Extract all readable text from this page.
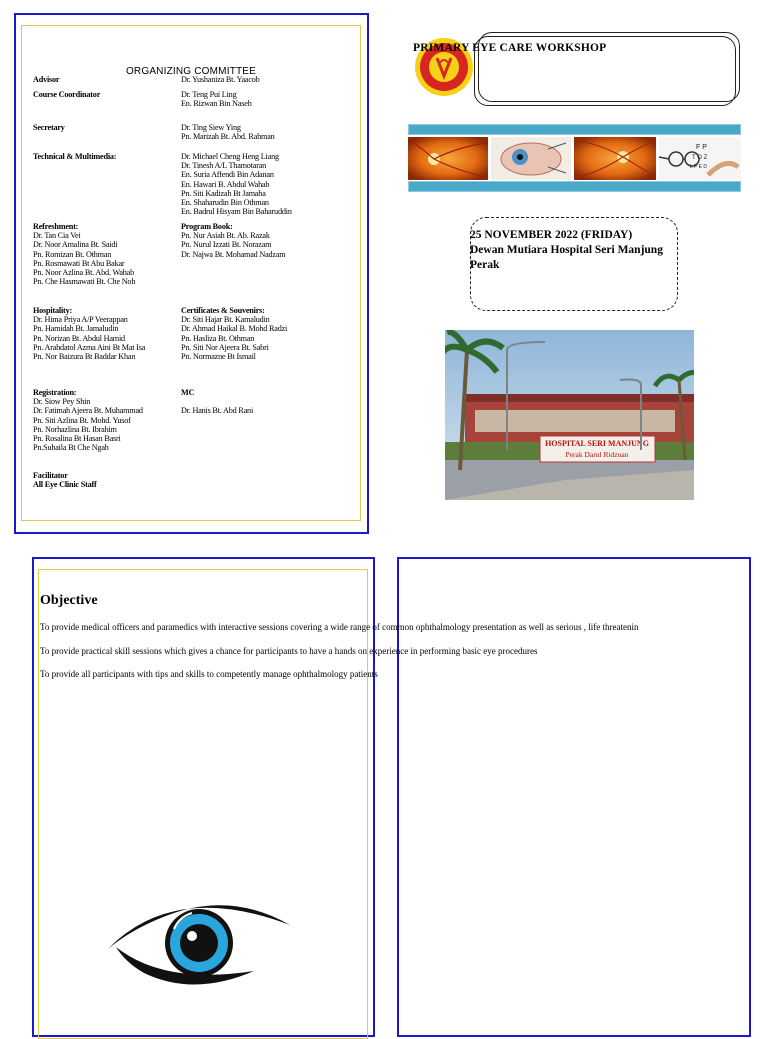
ORGANIZING COMMITTEE
Advisor	Dr. Yushaniza Bt. Yaacob
Course Coordinator	Dr. Teng Pui Ling
En. Rizwan Bin Naseh
Secretary	Dr. Ting Siew Ying
Pn. Marizah Bt. Abd. Rahman
Technical & Multimedia:	Dr. Michael Cheng Heng Liang
Dr. Tinesh A/L Thamotaran
En. Suria Affendi Bin Adanan
En. Hawari B. Abdul Wahab
Pn. Siti Kadizah Bt Jamaha
En. Shaharudin Bin Othman
En. Badrul Hisyam Bin Baharuddin
Refreshment:
Dr. Tan Cia Vei
Dr. Noor Amalina Bt. Saidi
Pn. Romizan Bt. Othman
Pn. Rosmawati Bt Abu Bakar
Pn. Noor Azlina Bt. Abd. Wahab
Pn. Che Hasmawati Bt. Che Noh
Program Book:
Pn. Nur Asiah Bt. Ab. Razak
Pn. Nurul Izzati Bt. Norazam
Dr. Najwa Bt. Mohamad Nadzam
Hospitality:
Dr. Hima Priya A/P Veerappan
Pn. Hamidah Bt. Jamaludin
Pn. Norizan Bt. Abdul Hamid
Pn. Arahdatol Azma Aini Bt Mat Isa
Pn. Nor Baizura Bt Baddar Khan
Certificates & Souvenirs:
Dr. Siti Hajar Bt. Kamaludin
Dr. Ahmad Haikal B. Mohd Radzi
Pn. Hasliza Bt. Othman
Pn. Siti Nor Ajeera Bt. Sabri
Pn. Normazne Bt Ismail
Registration:
Dr. Siow Pey Shin
Dr. Fatimah Ajeera Bt. Muhammad
Pn. Siti Azlina Bt. Mohd. Yusof
Pn. Norhazlina Bt. Ibrahim
Pn. Rosalina Bt Hasan Basri
Pn.Suhaila Bt Che Ngah
MC
Dr. Hanis Bt. Abd Rani
Facilitator
All Eye Clinic Staff
PRIMARY EYE CARE WORKSHOP
F P
T O Z
L P E D
25 NOVEMBER 2022 (FRIDAY)
Dewan Mutiara Hospital Seri Manjung
Perak
HOSPITAL SERI MANJUNG
Perak Darul Ridzuan
Objective
To provide medical officers and paramedics with interactive sessions covering a wide range of common ophthalmology presentation as well as serious , life threatenin
To provide practical skill sessions which gives a chance for participants to have a hands on experience in performing basic eye procedures
To provide all participants with tips and skills to competently manage ophthalmology patients
